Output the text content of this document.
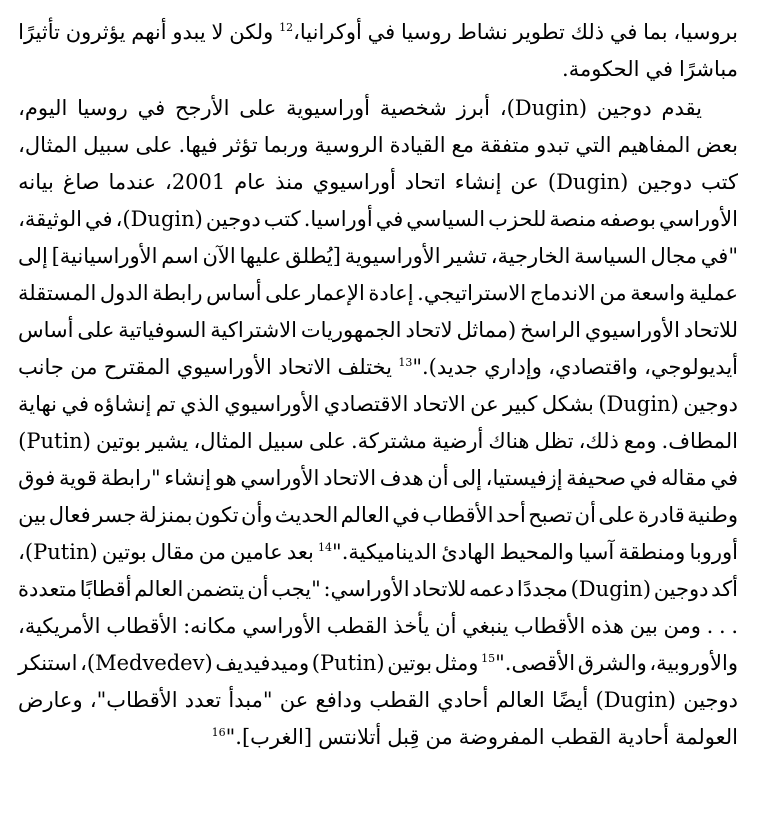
بروسيا،
بما
في
ذلك
تطوير
نشاط
روسيا
في
أوكرانيا،$^{12}$
ولكن
لا
يبدو
أنهم
يؤثرون
تأثيرًا
مباشرًا
في
الحكومة.
يقدم
دوجين
(Dugin)،
أبرز
شخصية
أوراسيوية
على
الأرجح
في
روسيا
اليوم،
بعض
المفاهيم
التي
تبدو
متفقة
مع
القيادة
الروسية
وربما
تؤثر
فيها.
على
سبيل
المثال،
كتب
دوجين
(Dugin)
عن
إنشاء
اتحاد
أوراسيوي
منذ
عام
2001،
عندما
صاغ
بيانه
الأوراسي
بوصفه
منصة
للحزب
السياسي
في
أوراسيا.
كتب
دوجين
(Dugin)،
في
الوثيقة،
"في
مجال
السياسة
الخارجية،
تشير
الأوراسيوية
[يُطلق
عليها
الآن
اسم
الأوراسيانية]
إلى
عملية
واسعة
من
الاندماج
الاستراتيجي.
إعادة
الإعمار
على
أساس
رابطة
الدول
المستقلة
للاتحاد
الأوراسيوي
الراسخ
(مماثل
لاتحاد
الجمهوريات
الاشتراكية
السوفياتية
على
أساس
أيديولوجي،
واقتصادي،
وإداري
جديد)."$^{13}$
يختلف
الاتحاد
الأوراسيوي
المقترح
من
جانب
دوجين
(Dugin)
بشكل
كبير
عن
الاتحاد
الاقتصادي
الأوراسيوي
الذي
تم
إنشاؤه
في
نهاية
المطاف.
ومع
ذلك،
تظل
هناك
أرضية
مشتركة.
على
سبيل
المثال،
يشير
بوتين
(Putin)
في
مقاله
في
صحيفة
إزفيستيا،
إلى
أن
هدف
الاتحاد
الأوراسي
هو
إنشاء
"رابطة
قوية
فوق
وطنية
قادرة
على
أن
تصبح
أحد
الأقطاب
في
العالم
الحديث
وأن
تكون
بمنزلة
جسر
فعال
بين
أوروبا
ومنطقة
آسيا
والمحيط
الهادئ
الديناميكية."$^{14}$
بعد
عامين
من
مقال
بوتين
(Putin)،
أكد
دوجين
(Dugin)
مجددًا
دعمه
للاتحاد
الأوراسي:
"يجب
أن
يتضمن
العالم
أقطابًا
متعددة
.
.
.
ومن
بين
هذه
الأقطاب
ينبغي
أن
يأخذ
القطب
الأوراسي
مكانه:
الأقطاب
الأمريكية،
والأوروبية،
والشرق
الأقصى."$^{15}$
ومثل
بوتين
(Putin)
وميدفيديف
(Medvedev)،
استنكر
دوجين
(Dugin)
أيضًا
العالم
أحادي
القطب
ودافع
عن
"مبدأ
تعدد
الأقطاب"،
وعارض
العولمة
أحادية
القطب
المفروضة
من
قِبل
أتلانتس
[الغرب]."$^{16}$
